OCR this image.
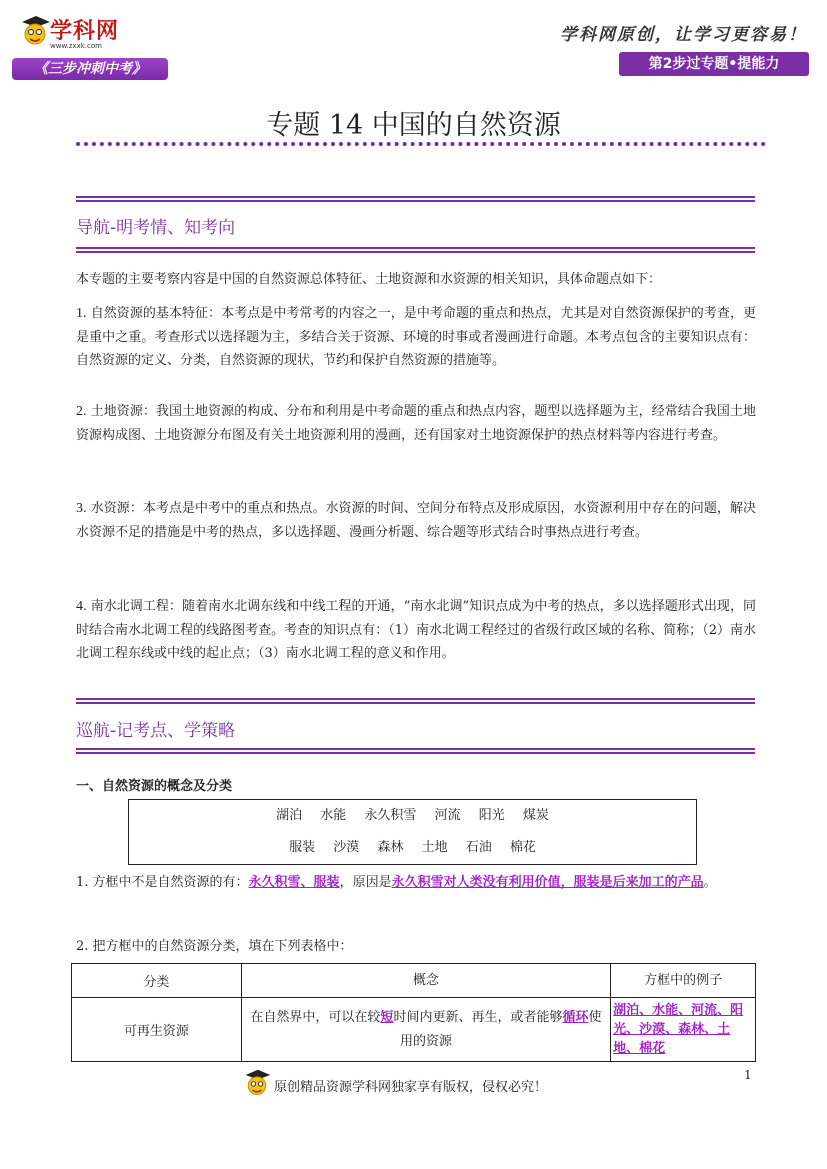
学科网
www.zxxk.com
《三步冲刺中考》
学科网原创，让学习更容易！
第2步过专题•提能力
专题 14 中国的自然资源
导航-明考情、知考向
本专题的主要考察内容是中国的自然资源总体特征、土地资源和水资源的相关知识，具体命题点如下：
1. 自然资源的基本特征：本考点是中考常考的内容之一，是中考命题的重点和热点，尤其是对自然资源保护的考查，更是重中之重。考查形式以选择题为主，多结合关于资源、环境的时事或者漫画进行命题。本考点包含的主要知识点有：自然资源的定义、分类，自然资源的现状，节约和保护自然资源的措施等。
2. 土地资源：我国土地资源的构成、分布和利用是中考命题的重点和热点内容，题型以选择题为主，经常结合我国土地资源构成图、土地资源分布图及有关土地资源利用的漫画，还有国家对土地资源保护的热点材料等内容进行考查。
3. 水资源：本考点是中考中的重点和热点。水资源的时间、空间分布特点及形成原因，水资源利用中存在的问题，解决水资源不足的措施是中考的热点，多以选择题、漫画分析题、综合题等形式结合时事热点进行考查。
4. 南水北调工程：随着南水北调东线和中线工程的开通，“南水北调”知识点成为中考的热点，多以选择题形式出现，同时结合南水北调工程的线路图考查。考查的知识点有：（1）南水北调工程经过的省级行政区域的名称、简称；（2）南水北调工程东线或中线的起止点；（3）南水北调工程的意义和作用。
巡航-记考点、学策略
一、自然资源的概念及分类
湖泊 水能 永久积雪 河流 阳光 煤炭
服装 沙漠 森林 土地 石油 棉花
1. 方框中不是自然资源的有：永久积雪、服装，原因是永久积雪对人类没有利用价值，服装是后来加工的产品。
2. 把方框中的自然资源分类，填在下列表格中：
分类	概念	方框中的例子
可再生资源	在自然界中，可以在较短时间内更新、再生，或者能够循环使用的资源	湖泊、水能、河流、阳光、沙漠、森林、土地、棉花
原创精品资源学科网独家享有版权，侵权必究！
1
